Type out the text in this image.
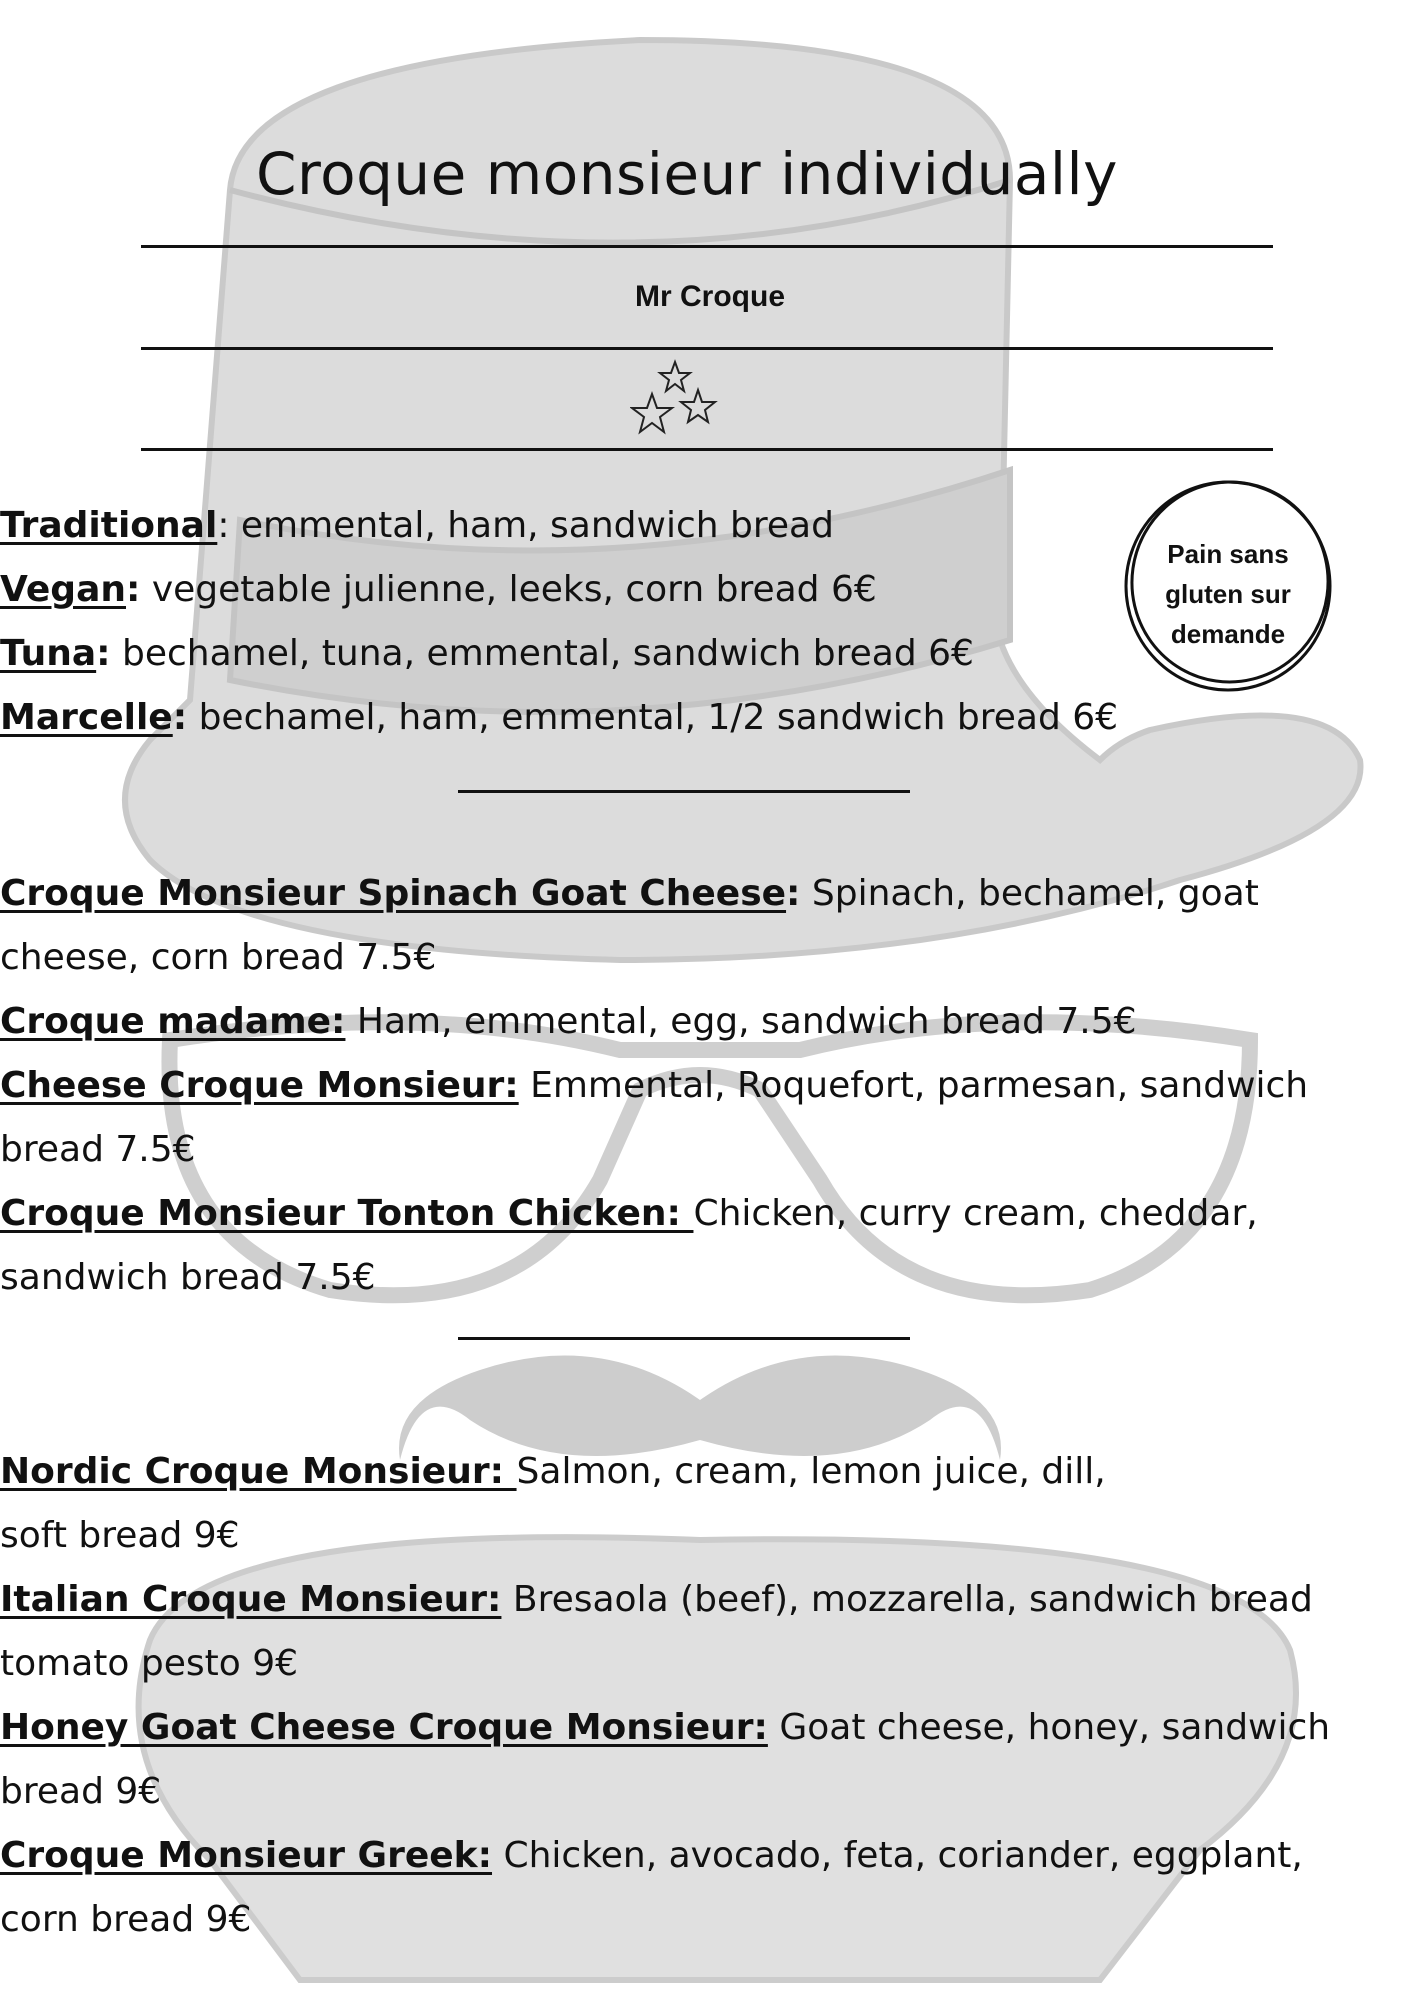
Croque monsieur individually
Mr Croque
Pain sans
gluten sur
demande

Traditional: emmental, ham, sandwich bread

Vegan: vegetable julienne, leeks, corn bread 6€

Tuna: bechamel, tuna, emmental, sandwich bread 6€

Marcelle: bechamel, ham, emmental, 1/2 sandwich bread 6€

Croque Monsieur Spinach Goat Cheese: Spinach, bechamel, goat cheese, corn bread 7.5€

Croque madame: Ham, emmental, egg, sandwich bread 7.5€

Cheese Croque Monsieur: Emmental, Roquefort, parmesan, sandwich bread 7.5€

Croque Monsieur Tonton Chicken: Chicken, curry cream, cheddar, sandwich bread 7.5€

Nordic Croque Monsieur: Salmon, cream, lemon juice, dill,
soft bread 9€

Italian Croque Monsieur: Bresaola (beef), mozzarella, sandwich bread tomato pesto 9€

Honey Goat Cheese Croque Monsieur: Goat cheese, honey, sandwich bread 9€

Croque Monsieur Greek: Chicken, avocado, feta, coriander, eggplant, corn bread 9€
